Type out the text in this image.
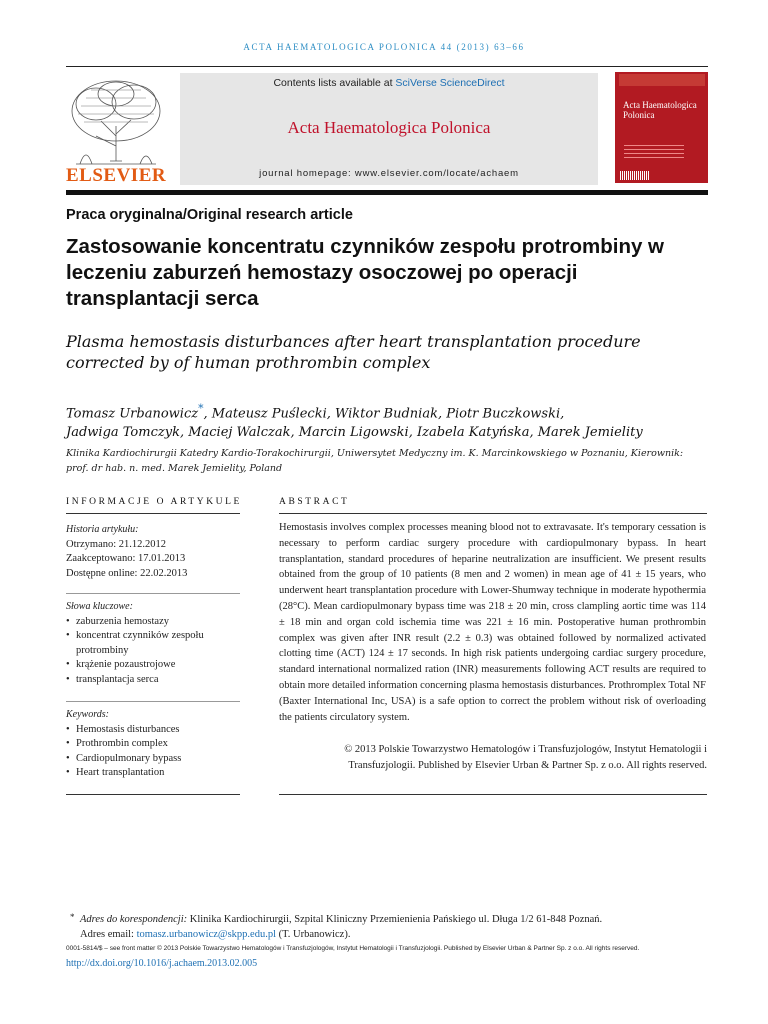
ACTA HAEMATOLOGICA POLONICA 44 (2013) 63–66
ELSEVIER
Contents lists available at SciVerse ScienceDirect
Acta Haematologica Polonica
journal homepage: www.elsevier.com/locate/achaem
Acta Haematologica Polonica
Praca oryginalna/Original research article
Zastosowanie koncentratu czynników zespołu protrombiny w leczeniu zaburzeń hemostazy osoczowej po operacji transplantacji serca
Plasma hemostasis disturbances after heart transplantation procedure corrected by of human prothrombin complex
Tomasz Urbanowicz*, Mateusz Puślecki, Wiktor Budniak, Piotr Buczkowski,
Jadwiga Tomczyk, Maciej Walczak, Marcin Ligowski, Izabela Katyńska, Marek Jemielity
Klinika Kardiochirurgii Katedry Kardio-Torakochirurgii, Uniwersytet Medyczny im. K. Marcinkowskiego w Poznaniu, Kierownik: prof. dr hab. n. med. Marek Jemielity, Poland
INFORMACJE O ARTYKULE
Historia artykułu:
Otrzymano: 21.12.2012
Zaakceptowano: 17.01.2013
Dostępne online: 22.02.2013
Słowa kluczowe:
• zaburzenia hemostazy
• koncentrat czynników zespołu protrombiny
• krążenie pozaustrojowe
• transplantacja serca
Keywords:
• Hemostasis disturbances
• Prothrombin complex
• Cardiopulmonary bypass
• Heart transplantation
ABSTRACT
Hemostasis involves complex processes meaning blood not to extravasate. It's temporary cessation is necessary to perform cardiac surgery procedure with cardiopulmonary bypass. In heart transplantation, standard procedures of heparine neutralization are insufficient. We present results obtained from the group of 10 patients (8 men and 2 women) in mean age of 41 ± 15 years, who underwent heart transplantation procedure with Lower-Shumway technique in moderate hypothermia (28°C). Mean cardiopulmonary bypass time was 218 ± 20 min, cross clampling aortic time was 114 ± 18 min and organ cold ischemia time was 221 ± 16 min. Postoperative human prothrombin complex was given after INR result (2.2 ± 0.3) was obtained followed by normalized activated clotting time (ACT) 124 ± 17 seconds. In high risk patients undergoing cardiac surgery procedure, standard international normalized ration (INR) measurements following ACT results are required to obtain more detailed information concerning plasma hemostasis disturbances. Prothromplex Total NF (Baxter International Inc, USA) is a safe option to correct the problem without risk of overloading the patients circulatory system.
© 2013 Polskie Towarzystwo Hematologów i Transfuzjologów, Instytut Hematologii i Transfuzjologii. Published by Elsevier Urban & Partner Sp. z o.o. All rights reserved.
* Adres do korespondencji: Klinika Kardiochirurgii, Szpital Kliniczny Przemienienia Pańskiego ul. Długa 1/2 61-848 Poznań.
Adres email: tomasz.urbanowicz@skpp.edu.pl (T. Urbanowicz).
0001-5814/$ – see front matter © 2013 Polskie Towarzystwo Hematologów i Transfuzjologów, Instytut Hematologii i Transfuzjologii. Published by Elsevier Urban & Partner Sp. z o.o. All rights reserved.
http://dx.doi.org/10.1016/j.achaem.2013.02.005
